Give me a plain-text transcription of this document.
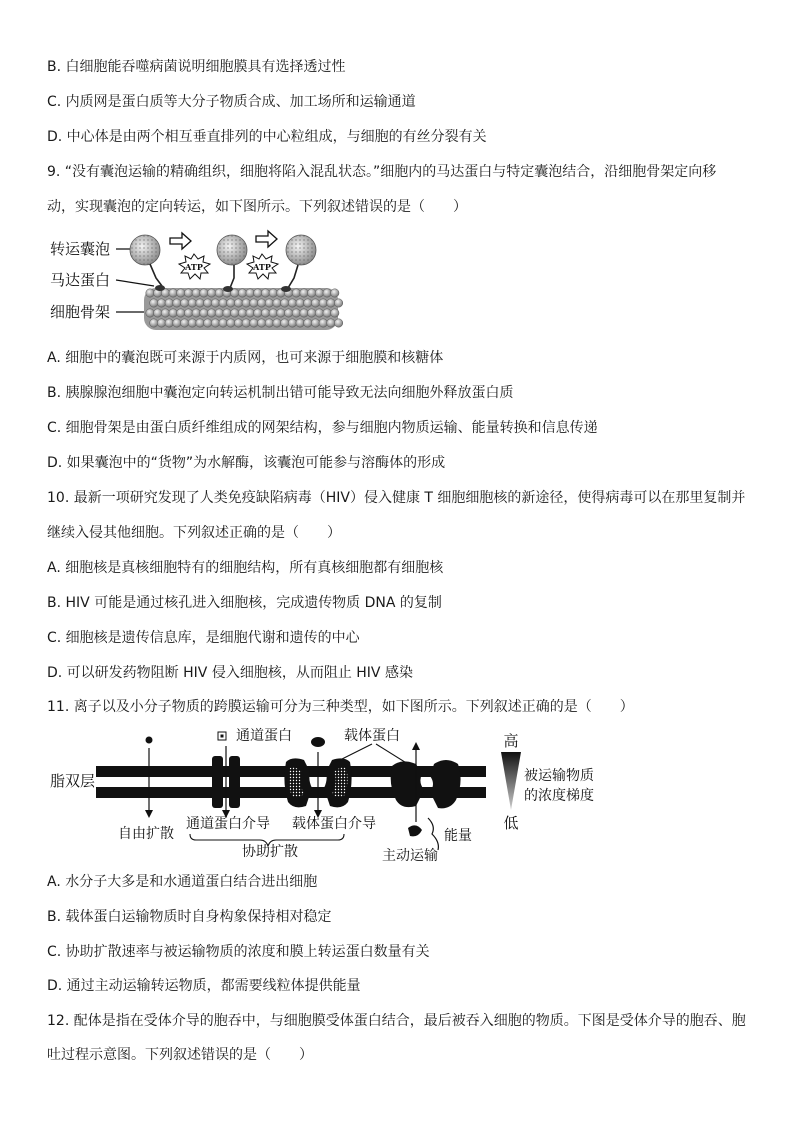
B. 白细胞能吞噬病菌说明细胞膜具有选择透过性
C. 内质网是蛋白质等大分子物质合成、加工场所和运输通道
D. 中心体是由两个相互垂直排列的中心粒组成，与细胞的有丝分裂有关
9. “没有囊泡运输的精确组织，细胞将陷入混乱状态。”细胞内的马达蛋白与特定囊泡结合，沿细胞骨架定向移
动，实现囊泡的定向转运，如下图所示。下列叙述错误的是（　　）
转运囊泡
马达蛋白
细胞骨架
ATP	ATP
A. 细胞中的囊泡既可来源于内质网，也可来源于细胞膜和核糖体
B. 胰腺腺泡细胞中囊泡定向转运机制出错可能导致无法向细胞外释放蛋白质
C. 细胞骨架是由蛋白质纤维组成的网架结构，参与细胞内物质运输、能量转换和信息传递
D. 如果囊泡中的“货物”为水解酶，该囊泡可能参与溶酶体的形成
10. 最新一项研究发现了人类免疫缺陷病毒（HIV）侵入健康 T 细胞细胞核的新途径，使得病毒可以在那里复制并
继续入侵其他细胞。下列叙述正确的是（　　）
A. 细胞核是真核细胞特有的细胞结构，所有真核细胞都有细胞核
B. HIV 可能是通过核孔进入细胞核，完成遗传物质 DNA 的复制
C. 细胞核是遗传信息库，是细胞代谢和遗传的中心
D. 可以研发药物阻断 HIV 侵入细胞核，从而阻止 HIV 感染
11. 离子以及小分子物质的跨膜运输可分为三种类型，如下图所示。下列叙述正确的是（　　）
脂双层
通道蛋白	载体蛋白
能量
高
低
被运输物质
的浓度梯度
自由扩散
通道蛋白介导 载体蛋白介导
协助扩散	主动运输
A. 水分子大多是和水通道蛋白结合进出细胞
B. 载体蛋白运输物质时自身构象保持相对稳定
C. 协助扩散速率与被运输物质的浓度和膜上转运蛋白数量有关
D. 通过主动运输转运物质，都需要线粒体提供能量
12. 配体是指在受体介导的胞吞中，与细胞膜受体蛋白结合，最后被吞入细胞的物质。下图是受体介导的胞吞、胞
吐过程示意图。下列叙述错误的是（　　）
